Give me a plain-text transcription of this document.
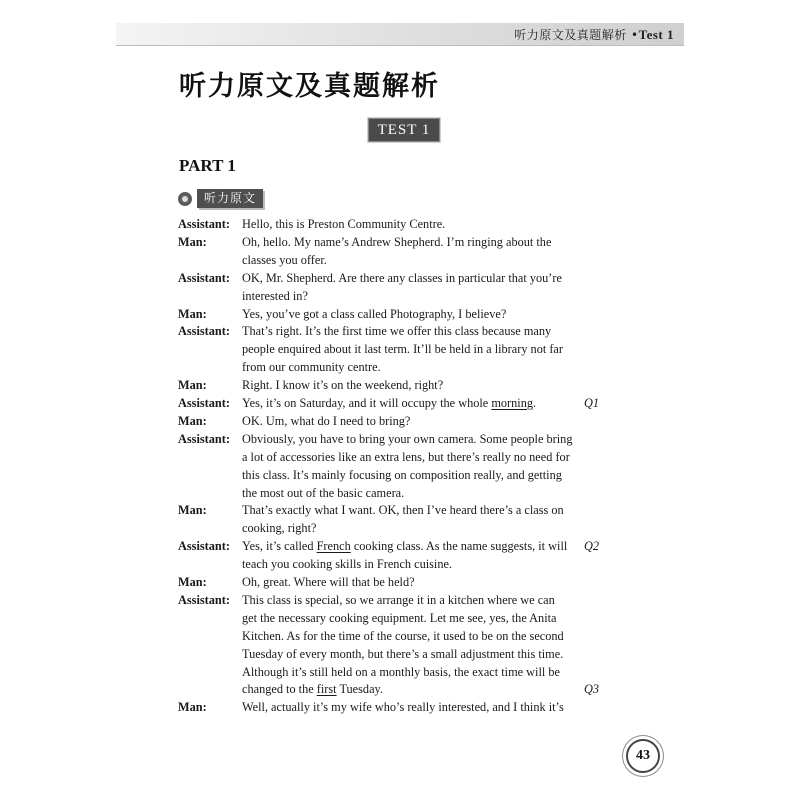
听力原文及真题解析 •Test 1
听力原文及真题解析
TEST 1
PART 1
听力原文
Assistant: Hello, this is Preston Community Centre.
Man:	Oh, hello. My name’s Andrew Shepherd. I’m ringing about the
classes you offer.
Assistant: OK, Mr. Shepherd. Are there any classes in particular that you’re
interested in?
Man:	Yes, you’ve got a class called Photography, I believe?
Assistant: That’s right. It’s the first time we offer this class because many
people enquired about it last term. It’ll be held in a library not far
from our community centre.
Man:	Right. I know it’s on the weekend, right?
Assistant: Yes, it’s on Saturday, and it will occupy the whole morning.	Q1
Man:	OK. Um, what do I need to bring?
Assistant: Obviously, you have to bring your own camera. Some people bring
a lot of accessories like an extra lens, but there’s really no need for
this class. It’s mainly focusing on composition really, and getting
the most out of the basic camera.
Man:	That’s exactly what I want. OK, then I’ve heard there’s a class on
cooking, right?
Assistant: Yes, it’s called French cooking class. As the name suggests, it will Q2
teach you cooking skills in French cuisine.
Man:	Oh, great. Where will that be held?
Assistant: This class is special, so we arrange it in a kitchen where we can
get the necessary cooking equipment. Let me see, yes, the Anita
Kitchen. As for the time of the course, it used to be on the second
Tuesday of every month, but there’s a small adjustment this time.
Although it’s still held on a monthly basis, the exact time will be
changed to the first Tuesday.	Q3
Man:	Well, actually it’s my wife who’s really interested, and I think it’s
43
